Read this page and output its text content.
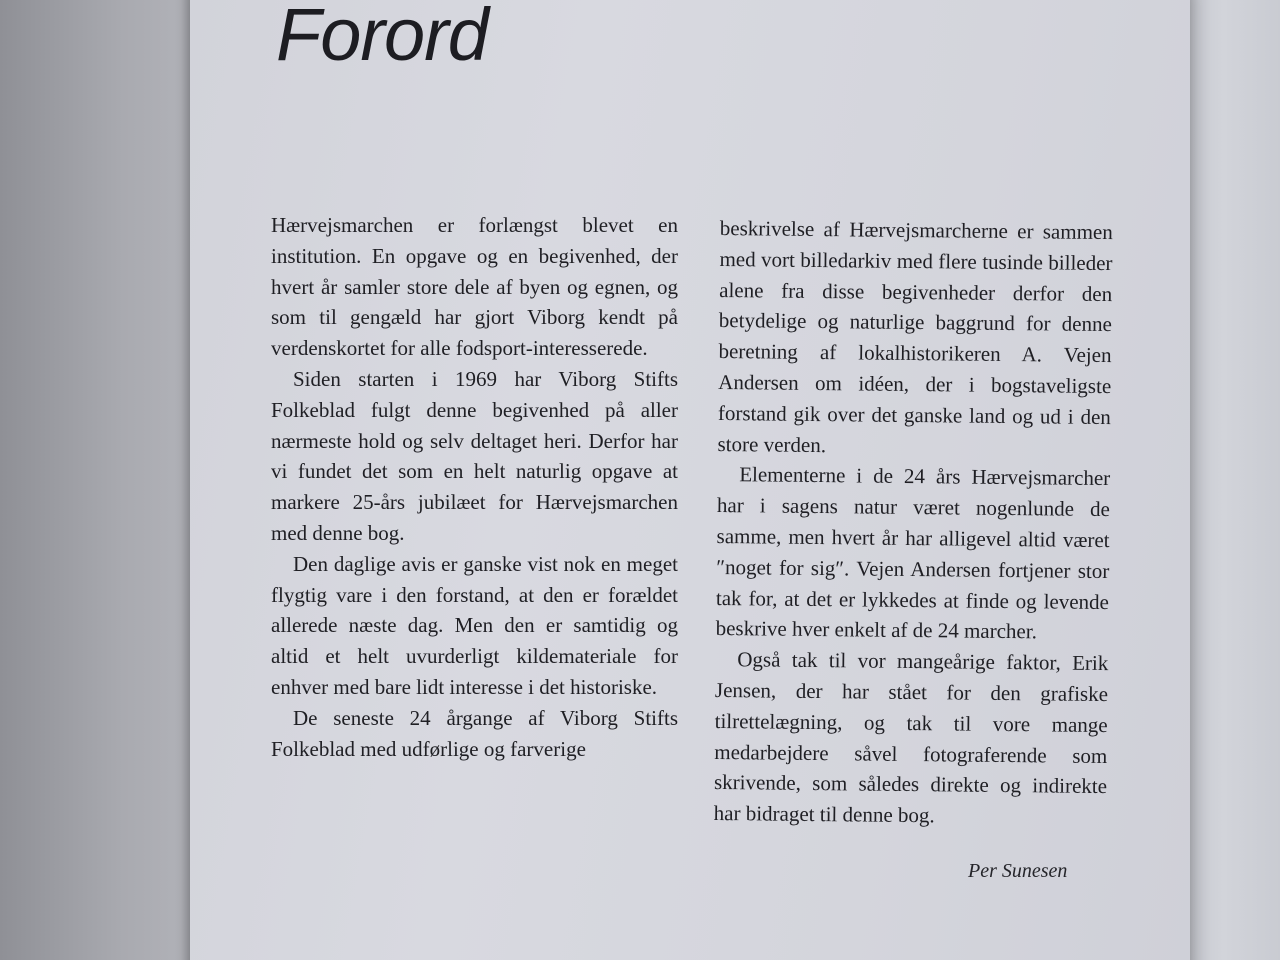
Forord

Hærvejsmarchen er forlængst blevet en institution. En opgave og en begivenhed, der hvert år samler store dele af byen og egnen, og som til gengæld har gjort Viborg kendt på verdenskortet for alle fodsport-interesserede.

Siden starten i 1969 har Viborg Stifts Folkeblad fulgt denne begivenhed på aller nærmeste hold og selv deltaget heri. Derfor har vi fundet det som en helt naturlig opgave at markere 25-års jubilæet for Hærvejsmarchen med denne bog.

Den daglige avis er ganske vist nok en meget flygtig vare i den forstand, at den er forældet allerede næste dag. Men den er samtidig og altid et helt uvurderligt kildemateriale for enhver med bare lidt interesse i det historiske.

De seneste 24 årgange af Viborg Stifts Folkeblad med udførlige og farverige

beskrivelse af Hærvejsmarcherne er sammen med vort billedarkiv med flere tusinde billeder alene fra disse begivenheder derfor den betydelige og naturlige baggrund for denne beretning af lokalhistorikeren A. Vejen Andersen om idéen, der i bogstaveligste forstand gik over det ganske land og ud i den store verden.

Elementerne i de 24 års Hærvejsmarcher har i sagens natur været nogenlunde de samme, men hvert år har alligevel altid været ″noget for sig″. Vejen Andersen fortjener stor tak for, at det er lykkedes at finde og levende beskrive hver enkelt af de 24 marcher.

Også tak til vor mangeårige faktor, Erik Jensen, der har stået for den grafiske tilrettelægning, og tak til vore mange medarbejdere såvel fotograferende som skrivende, som således direkte og indirekte har bidraget til denne bog.

Per Sunesen
